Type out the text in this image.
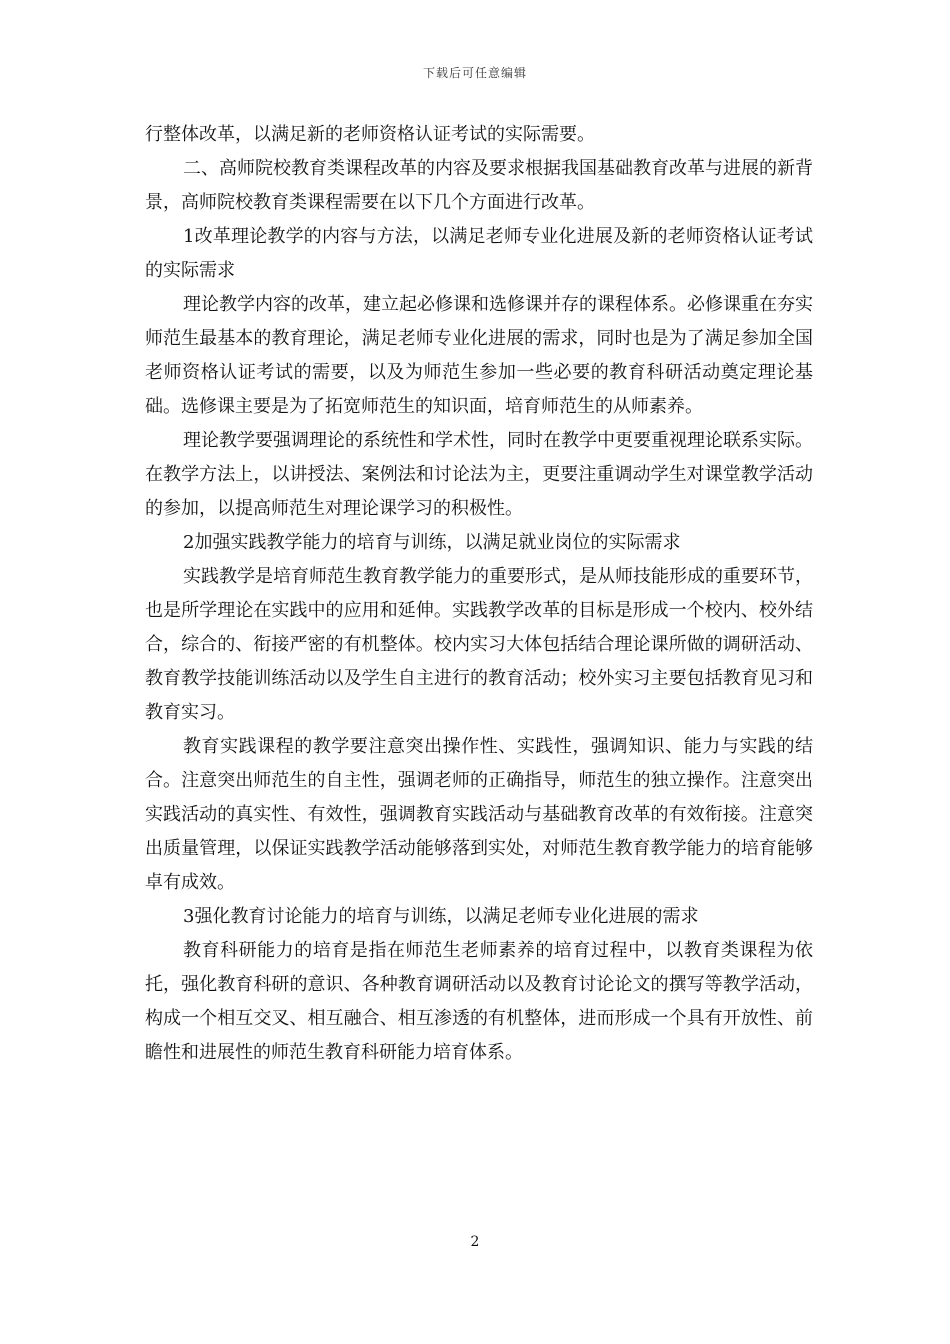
下载后可任意编辑

行整体改革，以满足新的老师资格认证考试的实际需要。

二、高师院校教育类课程改革的内容及要求根据我国基础教育改革与进展的新背景，高师院校教育类课程需要在以下几个方面进行改革。

1改革理论教学的内容与方法，以满足老师专业化进展及新的老师资格认证考试的实际需求

理论教学内容的改革，建立起必修课和选修课并存的课程体系。必修课重在夯实师范生最基本的教育理论，满足老师专业化进展的需求，同时也是为了满足参加全国老师资格认证考试的需要，以及为师范生参加一些必要的教育科研活动奠定理论基础。选修课主要是为了拓宽师范生的知识面，培育师范生的从师素养。

理论教学要强调理论的系统性和学术性，同时在教学中更要重视理论联系实际。在教学方法上，以讲授法、案例法和讨论法为主，更要注重调动学生对课堂教学活动的参加，以提高师范生对理论课学习的积极性。

2加强实践教学能力的培育与训练，以满足就业岗位的实际需求

实践教学是培育师范生教育教学能力的重要形式，是从师技能形成的重要环节，也是所学理论在实践中的应用和延伸。实践教学改革的目标是形成一个校内、校外结合，综合的、衔接严密的有机整体。校内实习大体包括结合理论课所做的调研活动、教育教学技能训练活动以及学生自主进行的教育活动；校外实习主要包括教育见习和教育实习。

教育实践课程的教学要注意突出操作性、实践性，强调知识、能力与实践的结合。注意突出师范生的自主性，强调老师的正确指导，师范生的独立操作。注意突出实践活动的真实性、有效性，强调教育实践活动与基础教育改革的有效衔接。注意突出质量管理，以保证实践教学活动能够落到实处，对师范生教育教学能力的培育能够卓有成效。

3强化教育讨论能力的培育与训练，以满足老师专业化进展的需求

教育科研能力的培育是指在师范生老师素养的培育过程中，以教育类课程为依托，强化教育科研的意识、各种教育调研活动以及教育讨论论文的撰写等教学活动，构成一个相互交叉、相互融合、相互渗透的有机整体，进而形成一个具有开放性、前瞻性和进展性的师范生教育科研能力培育体系。

2
